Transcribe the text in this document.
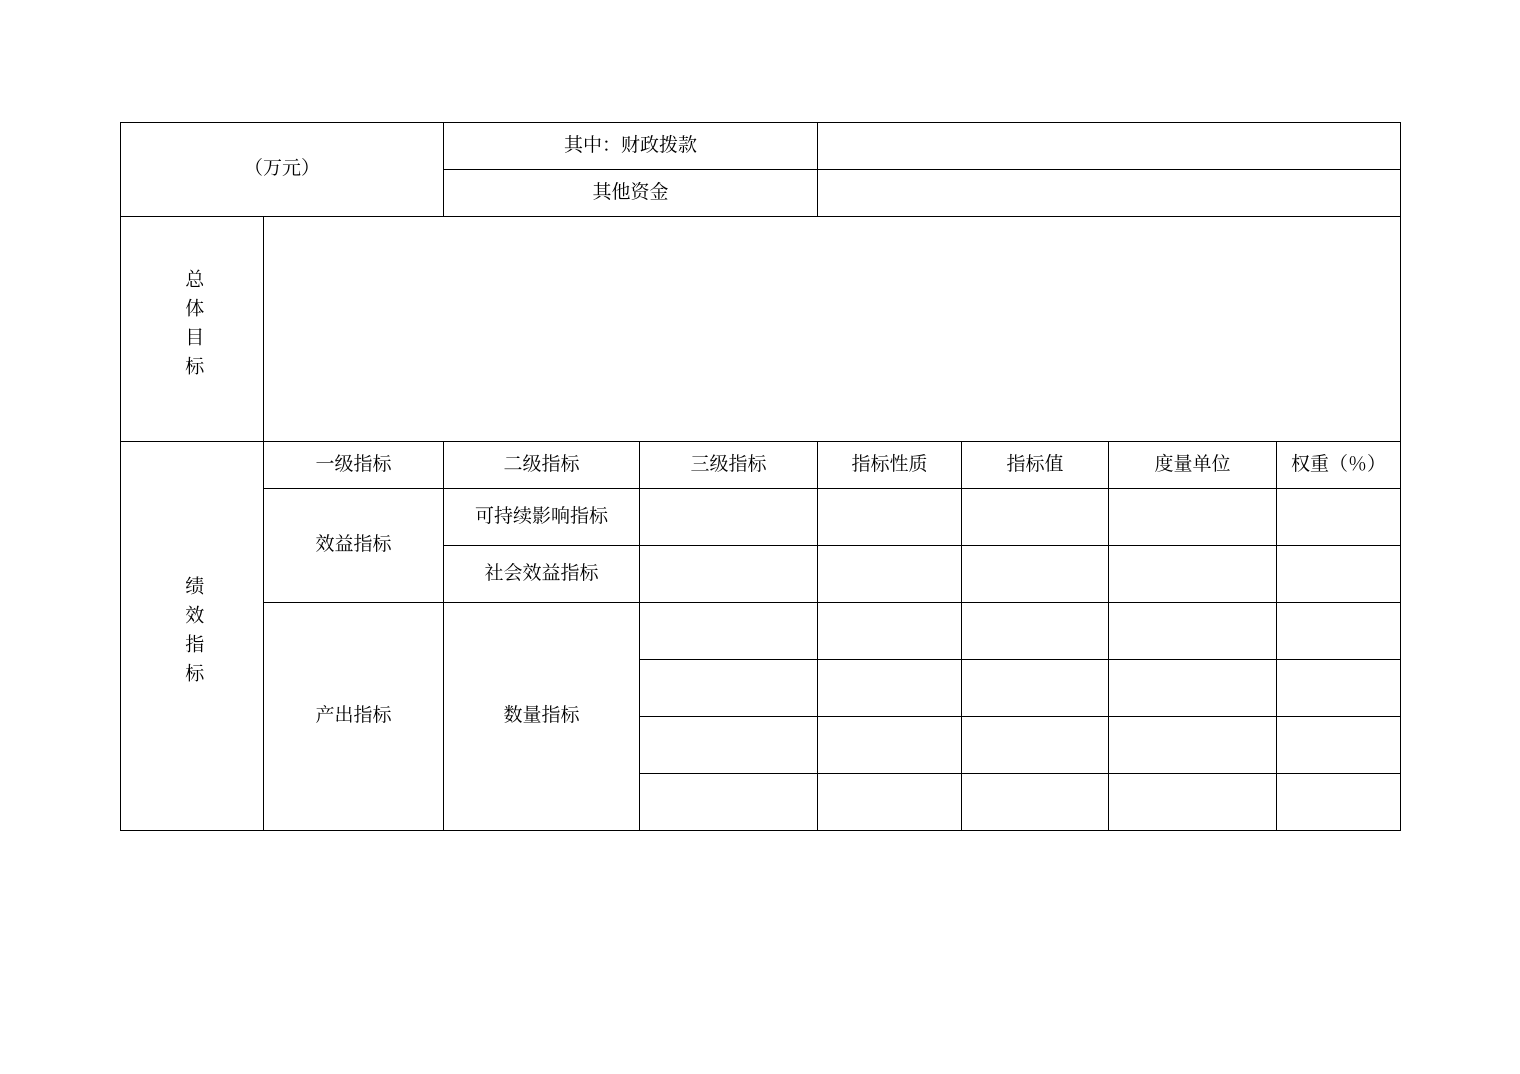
（万元）		其中：财政拨款					
		其他资金					
总体目标							
绩效指标	一级指标	二级指标	三级指标	指标性质	指标值	度量单位	权重（％）
	效益指标	可持续影响指标					
		社会效益指标					
	产出指标	数量指标					
